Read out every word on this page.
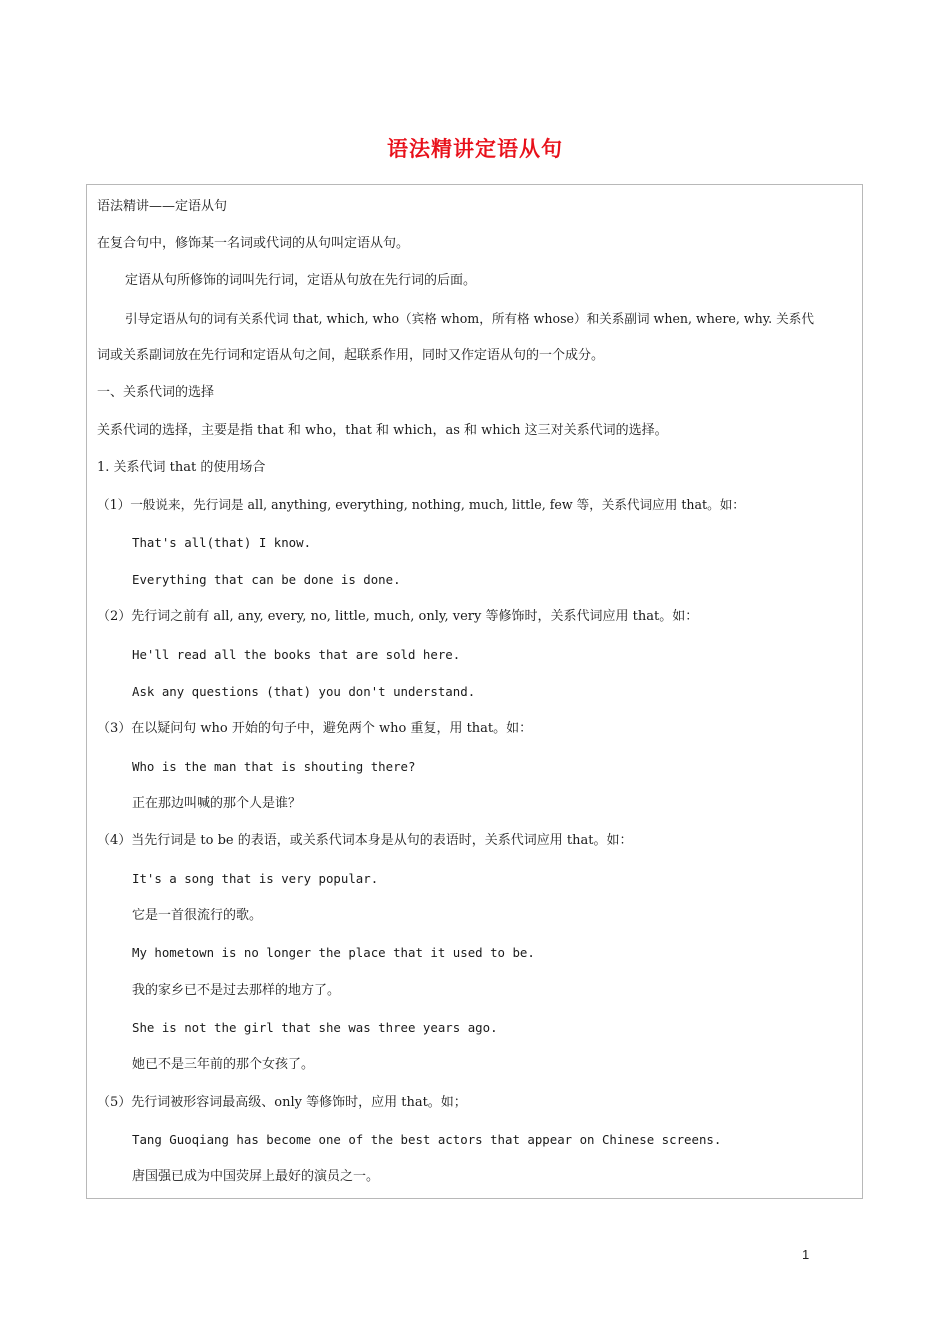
语法精讲定语从句
语法精讲——定语从句
在复合句中，修饰某一名词或代词的从句叫定语从句。
定语从句所修饰的词叫先行词，定语从句放在先行词的后面。
引导定语从句的词有关系代词 that, which, who（宾格 whom，所有格 whose）和关系副词 when, where, why. 关系代
词或关系副词放在先行词和定语从句之间，起联系作用，同时又作定语从句的一个成分。
一、关系代词的选择
关系代词的选择，主要是指 that 和 who，that 和 which，as 和 which 这三对关系代词的选择。
1. 关系代词 that 的使用场合
（1）一般说来，先行词是 all, anything, everything, nothing, much, little, few 等，关系代词应用 that。如：
That's all(that) I know.
Everything that can be done is done.
（2）先行词之前有 all, any, every, no, little, much, only, very 等修饰时，关系代词应用 that。如：
He'll read all the books that are sold here.
Ask any questions (that) you don't understand.
（3）在以疑问句 who 开始的句子中，避免两个 who 重复，用 that。如：
Who is the man that is shouting there?
正在那边叫喊的那个人是谁？
（4）当先行词是 to be 的表语，或关系代词本身是从句的表语时，关系代词应用 that。如：
It's a song that is very popular.
它是一首很流行的歌。
My hometown is no longer the place that it used to be.
我的家乡已不是过去那样的地方了。
She is not the girl that she was three years ago.
她已不是三年前的那个女孩了。
（5）先行词被形容词最高级、only 等修饰时，应用 that。如；
Tang Guoqiang has become one of the best actors that appear on Chinese screens.
唐国强已成为中国荧屏上最好的演员之一。
1
